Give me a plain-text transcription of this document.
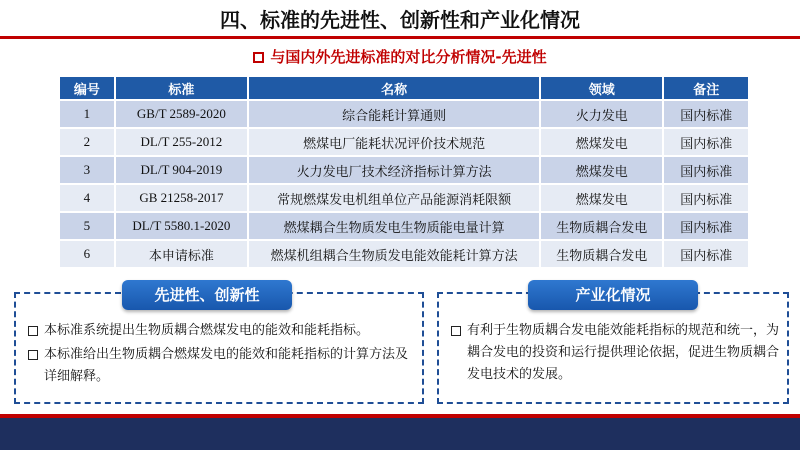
四、标准的先进性、创新性和产业化情况
与国内外先进标准的对比分析情况-先进性
编号	标准	名称	领域	备注
1	GB/T 2589-2020	综合能耗计算通则	火力发电	国内标准
2	DL/T 255-2012	燃煤电厂能耗状况评价技术规范	燃煤发电	国内标准
3	DL/T 904-2019	火力发电厂技术经济指标计算方法	燃煤发电	国内标准
4	GB 21258-2017	常规燃煤发电机组单位产品能源消耗限额	燃煤发电	国内标准
5	DL/T 5580.1-2020	燃煤耦合生物质发电生物质能电量计算	生物质耦合发电	国内标准
6	本申请标准	燃煤机组耦合生物质发电能效能耗计算方法	生物质耦合发电	国内标准
本标准系统提出生物质耦合燃煤发电的能效和能耗指标。
本标准给出生物质耦合燃煤发电的能效和能耗指标的计算方法及详细解释。
先进性、创新性
有利于生物质耦合发电能效能耗指标的规范和统一，为耦合发电的投资和运行提供理论依据，促进生物质耦合发电技术的发展。
产业化情况
